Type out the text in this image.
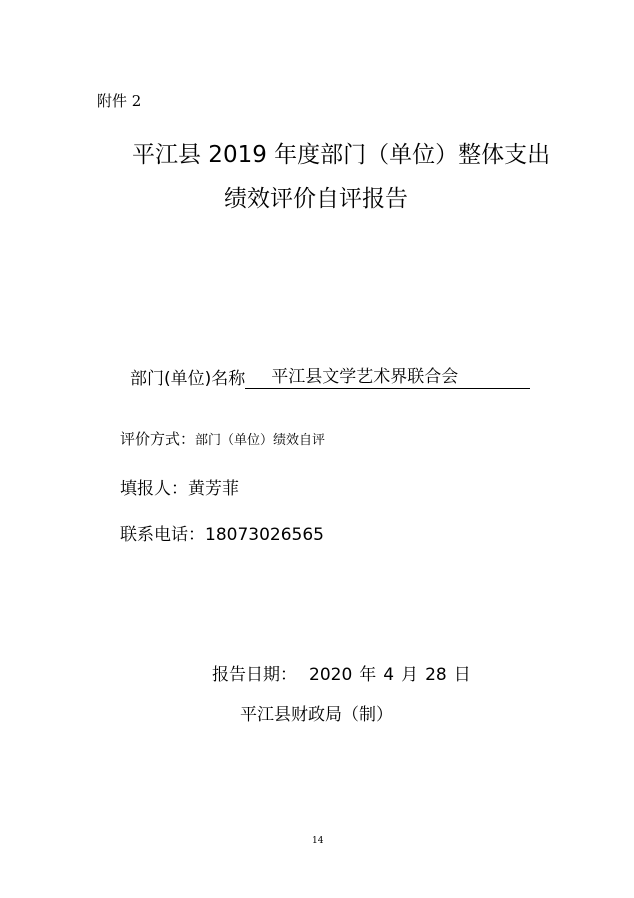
附件 2
平江县 2019 年度部门（单位）整体支出
绩效评价自评报告
部门(单位)名称	平江县文学艺术界联合会
评价方式：部门（单位）绩效自评
填报人：黄芳菲
联系电话：18073026565
报告日期： 2020 年 4 月 28 日
平江县财政局（制）
14
